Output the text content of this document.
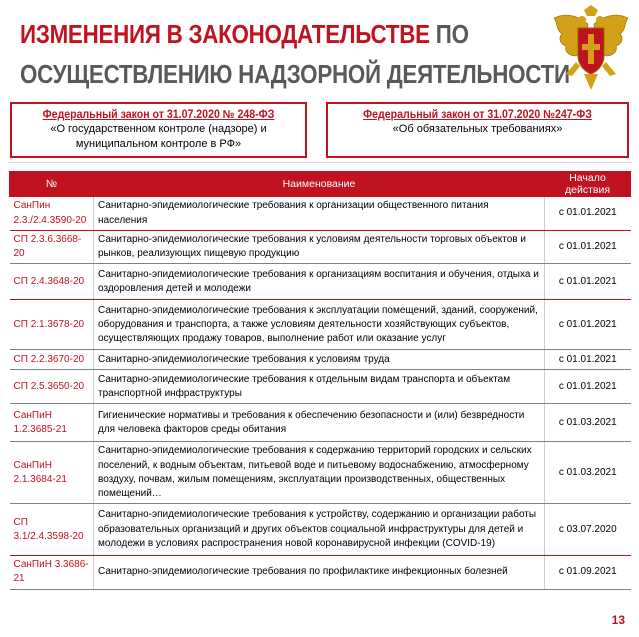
ИЗМЕНЕНИЯ В ЗАКОНОДАТЕЛЬСТВЕ ПО
ОСУЩЕСТВЛЕНИЮ НАДЗОРНОЙ ДЕЯТЕЛЬНОСТИ
Федеральный закон от 31.07.2020 № 248-ФЗ
«О государственном контроле (надзоре) и муниципальном контроле в РФ»
Федеральный закон от 31.07.2020 №247-ФЗ
«Об обязательных требованиях»
№	Наименование	Начало действия
СанПин 2.3./2.4.3590-20	Санитарно-эпидемиологические требования к организации общественного питания населения	с 01.01.2021
СП 2.3.6.3668-20	Санитарно-эпидемиологические требования к условиям деятельности торговых объектов и рынков, реализующих пищевую продукцию	с 01.01.2021
СП 2.4.3648-20	Санитарно-эпидемиологические требования к организациям воспитания и обучения, отдыха и оздоровления детей и молодежи	с 01.01.2021
СП 2.1.3678-20	Санитарно-эпидемиологические требования к эксплуатации помещений, зданий, сооружений, оборудования и транспорта, а также условиям деятельности хозяйствующих субъектов, осуществляющих продажу товаров, выполнение работ или оказание услуг	с 01.01.2021
СП 2.2.3670-20	Санитарно-эпидемиологические требования к условиям труда	с 01.01.2021
СП 2.5.3650-20	Санитарно-эпидемиологические требования к отдельным видам транспорта и объектам транспортной инфраструктуры	с 01.01.2021
СанПиН 1.2.3685-21	Гигиенические нормативы и требования к обеспечению безопасности и (или) безвредности для человека факторов среды обитания	с 01.03.2021
СанПиН 2.1.3684-21	Санитарно-эпидемиологические требования к содержанию территорий городских и сельских поселений, к водным объектам, питьевой воде и питьевому водоснабжению, атмосферному воздуху, почвам, жилым помещениям, эксплуатации производственных, общественных помещений…	с 01.03.2021
СП 3.1/2.4.3598-20	Санитарно-эпидемиологические требования к устройству, содержанию и организации работы образовательных организаций и других объектов социальной инфраструктуры для детей и молодежи в условиях распространения новой коронавирусной инфекции (COVID-19)	с 03.07.2020
СанПиН 3.3686-21	Санитарно-эпидемиологические требования по профилактике инфекционных болезней	с 01.09.2021
13
